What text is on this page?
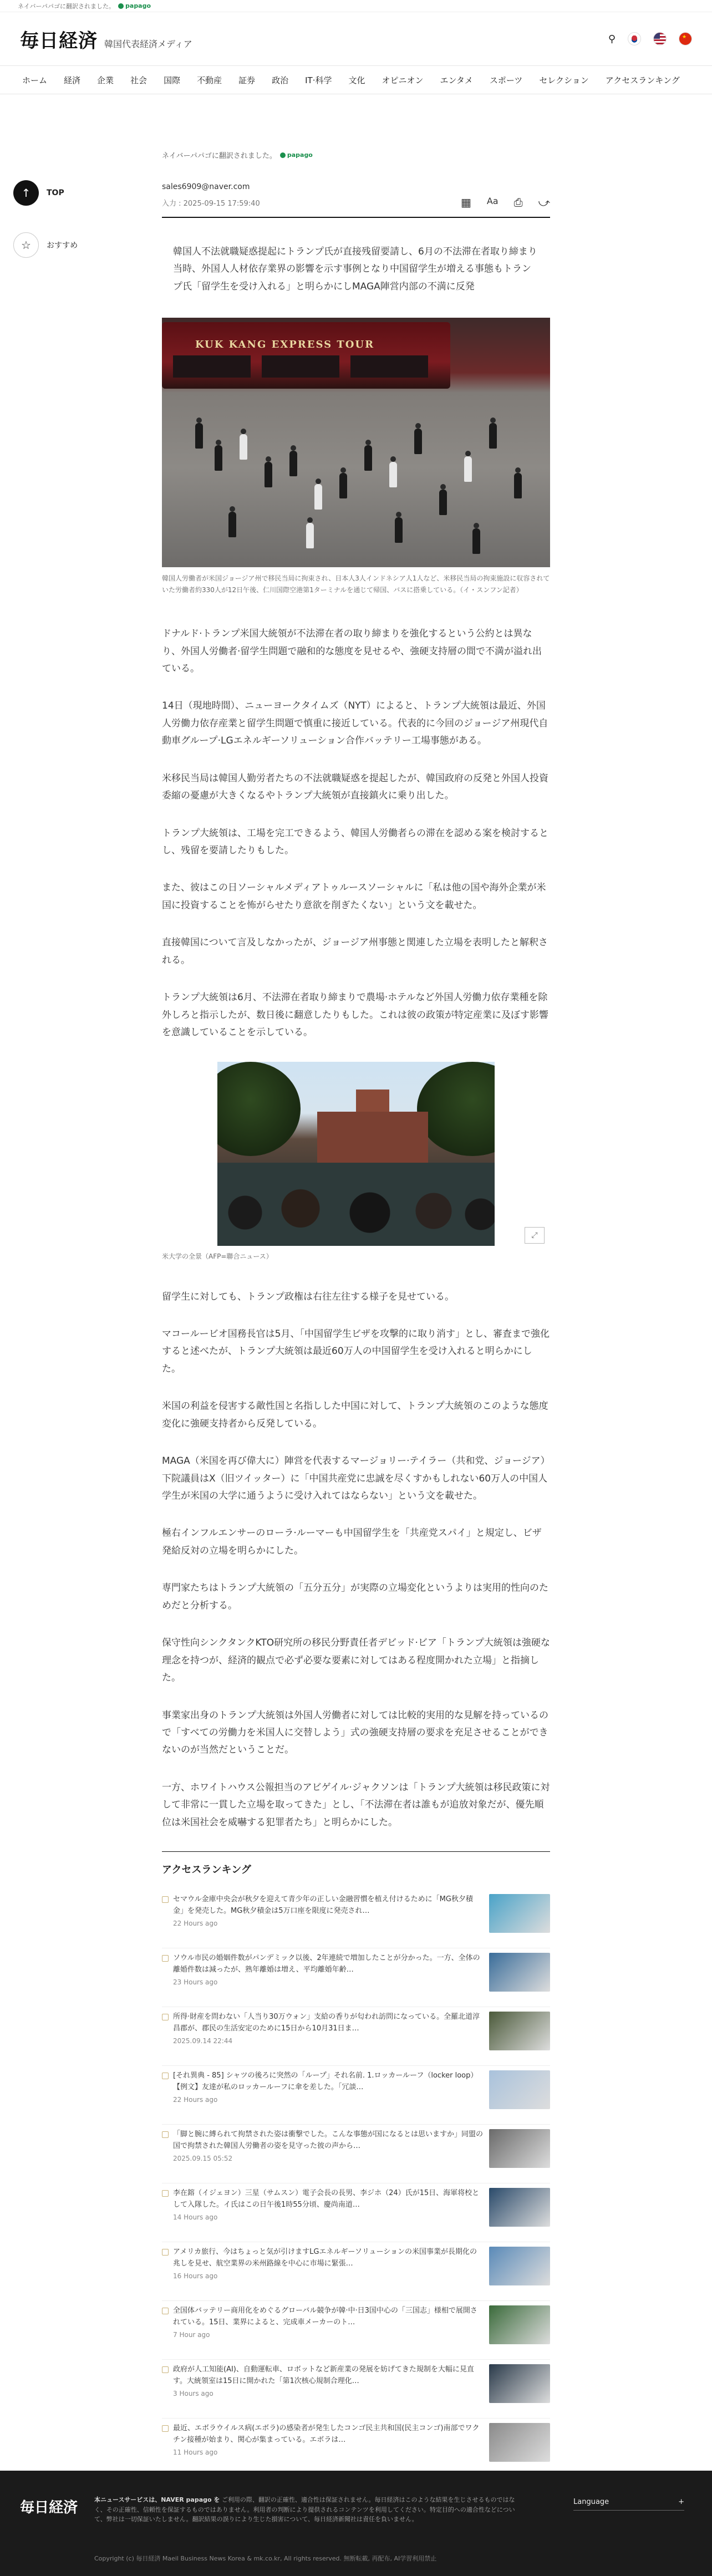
ネイバーパパゴに翻訳されました。 papago
毎日経済 韓国代表経済メディア	⚲
★
ホーム 経済 企業 社会 国際 不動産 証券 政治 IT·科学 文化 オピニオン エンタメ スポーツ セレクション アクセスランキング
↑	TOP
☆	おすすめ
ネイバーパパゴに翻訳されました。 papago
sales6909@naver.com
入力 : 2025-09-15 17:59:40	▦ Aa ⎙ ⤻

韓国人不法就職疑惑提起にトランプ氏が直接残留要請し、6月の不法滞在者取り締まり当時、外国人人材依存業界の影響を示す事例となり中国留学生が増える事態もトランプ氏「留学生を受け入れる」と明らかにしMAGA陣営内部の不満に反発

KUK KANG EXPRESS TOUR

韓国人労働者が米国ジョージア州で移民当局に拘束され、日本人3人インドネシア人1人など、米移民当局の拘束施設に収容されていた労働者約330人が12日午後、仁川国際空港第1ターミナルを通じて帰国、バスに搭乗している。（イ・スンフン記者）

ドナルド·トランプ米国大統領が不法滞在者の取り締まりを強化するという公約とは異なり、外国人労働者·留学生問題で融和的な態度を見せるや、強硬支持層の間で不満が溢れ出ている。

14日（現地時間）、ニューヨークタイムズ（NYT）によると、トランプ大統領は最近、外国人労働力依存産業と留学生問題で慎重に接近している。代表的に今回のジョージア州現代自動車グループ·LGエネルギーソリューション合作バッテリー工場事態がある。

米移民当局は韓国人勤労者たちの不法就職疑惑を提起したが、韓国政府の反発と外国人投資委縮の憂慮が大きくなるやトランプ大統領が直接鎮火に乗り出した。

トランプ大統領は、工場を完工できるよう、韓国人労働者らの滞在を認める案を検討するとし、残留を要請したりもした。

また、彼はこの日ソーシャルメディアトゥルースソーシャルに「私は他の国や海外企業が米国に投資することを怖がらせたり意欲を削ぎたくない」という文を載せた。

直接韓国について言及しなかったが、ジョージア州事態と関連した立場を表明したと解釈される。

トランプ大統領は6月、不法滞在者取り締まりで農場·ホテルなど外国人労働力依存業種を除外しろと指示したが、数日後に翻意したりもした。これは彼の政策が特定産業に及ぼす影響を意識していることを示している。

⤢

米大学の全景（AFP=聯合ニュース）

留学生に対しても、トランプ政権は右往左往する様子を見せている。

マコールービオ国務長官は5月、「中国留学生ビザを攻撃的に取り消す」とし、審査まで強化すると述べたが、トランプ大統領は最近60万人の中国留学生を受け入れると明らかにした。

米国の利益を侵害する敵性国と名指しした中国に対して、トランプ大統領のこのような態度変化に強硬支持者から反発している。

MAGA（米国を再び偉大に）陣営を代表するマージョリー·テイラー（共和党、ジョージア）下院議員はX（旧ツイッター）に「中国共産党に忠誠を尽くすかもしれない60万人の中国人学生が米国の大学に通うように受け入れてはならない」という文を載せた。

極右インフルエンサーのローラ·ルーマーも中国留学生を「共産党スパイ」と規定し、ビザ発給反対の立場を明らかにした。

専門家たちはトランプ大統領の「五分五分」が実際の立場変化というよりは実用的性向のためだと分析する。

保守性向シンクタンクKTO研究所の移民分野責任者デビッド·ビア「トランプ大統領は強硬な理念を持つが、経済的観点で必ず必要な要素に対してはある程度開かれた立場」と指摘した。

事業家出身のトランプ大統領は外国人労働者に対しては比較的実用的な見解を持っているので「すべての労働力を米国人に交替しよう」式の強硬支持層の要求を充足させることができないのが当然だということだ。

一方、ホワイトハウス公報担当のアビゲイル·ジャクソンは「トランプ大統領は移民政策に対して非常に一貫した立場を取ってきた」とし、「不法滞在者は誰もが追放対象だが、優先順位は米国社会を威嚇する犯罪者たち」と明らかにした。

アクセスランキング
セマウル金庫中央会が秋夕を迎えて青少年の正しい金融習慣を植え付けるために「MG秋夕積金」を発売した。MG秋夕積金は5万口座を限度に発売され…
22 Hours ago
ソウル市民の婚姻件数がパンデミック以後、2年連続で増加したことが分かった。一方、全体の離婚件数は減ったが、熟年離婚は増え、平均離婚年齢…
23 Hours ago
所得·財産を問わない「人当り30万ウォン」支給の香りが匂われ訪問になっている。全羅北道淳昌郡が、郡民の生活安定のために15日から10月31日ま…
2025.09.14 22:44
[それ異典 - 85] シャツの後ろに突然の「ループ」それ名前. 1.ロッカールーフ（locker loop）【例文】友達が私のロッカールーフに傘を差した。「冗談…
22 Hours ago
「脚と腕に縛られて拘禁された姿は衝撃でした。こんな事態が国になるとは思いますか」同盟の国で拘禁された韓国人労働者の姿を見守った彼の声から…
2025.09.15 05:52
李在鎔（イジェヨン）三星（サムスン）電子会長の長男、李ジホ（24）氏が15日、海軍将校として入隊した。イ氏はこの日午後1時55分頃、慶尚南道…
14 Hours ago
アメリカ旅行、今はちょっと気が引けますLGエネルギーソリューションの米国事業が長期化の兆しを見せ、航空業界の米州路線を中心に市場に緊張…
16 Hours ago
全国体バッテリー商用化をめぐるグローバル競争が韓·中·日3国中心の「三国志」様相で展開されている。15日、業界によると、完成車メーカーのト…
7 Hour ago
政府が人工知能(AI)、自動運転車、ロボットなど新産業の発展を妨げてきた規制を大幅に見直す。大統領室は15日に開かれた「第1次核心規制合理化…
3 Hours ago
最近、エボラウイルス病(エボラ)の感染者が発生したコンゴ民主共和国(民主コンゴ)南部でワクチン接種が始まり、関心が集まっている。エボラは…
11 Hours ago
毎日経済	本ニュースサービスは、NAVER papago を ご利用の際、翻訳の正確性、適合性は保証されません。毎日経済はこのような結果を生じさせるものではなく、その正確性、信頼性を保証するものではありません。利用者の判断により提供されるコンテンツを利用してください。特定目的への適合性などについて、弊社は一切保証いたしません。翻訳結果の誤りにより生じた損害について、毎日経済新聞社は責任を負いません。
Language	+
Copyright (c) 毎日経済 Maeil Business News Korea & mk.co.kr, All rights reserved. 無断転載, 再配布, AI学習利用禁止
